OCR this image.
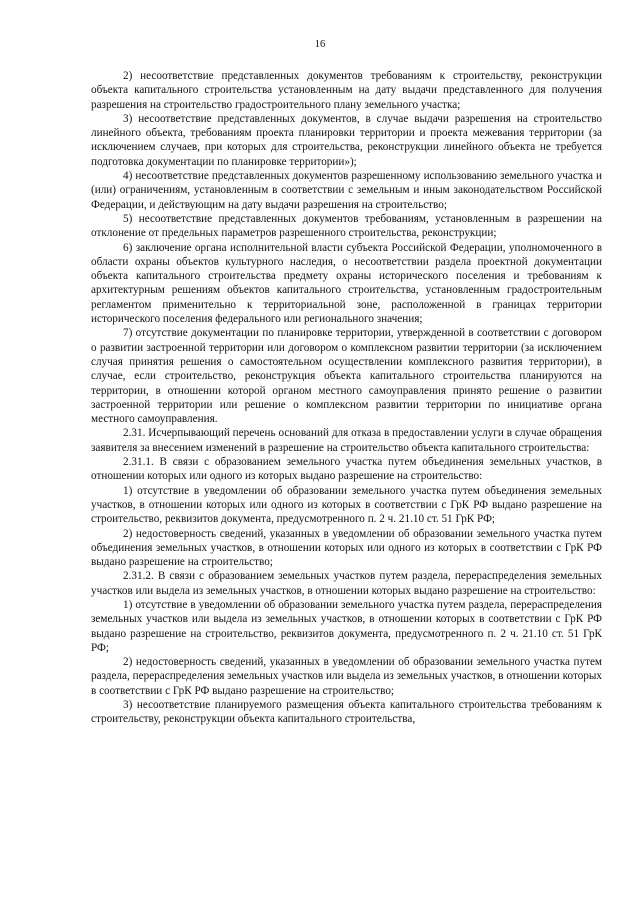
16

2) несоответствие представленных документов требованиям к строительству, реконструкции объекта капитального строительства установленным на дату выдачи представленного для получения разрешения на строительство градостроительного плану земельного участка;

3) несоответствие представленных документов, в случае выдачи разрешения на строительство линейного объекта, требованиям проекта планировки территории и проекта межевания территории (за исключением случаев, при которых для строительства, реконструкции линейного объекта не требуется подготовка документации по планировке территории»);

4) несоответствие представленных документов разрешенному использованию земельного участка и (или) ограничениям, установленным в соответствии с земельным и иным законодательством Российской Федерации, и действующим на дату выдачи разрешения на строительство;

5) несоответствие представленных документов требованиям, установленным в разрешении на отклонение от предельных параметров разрешенного строительства, реконструкции;

6) заключение органа исполнительной власти субъекта Российской Федерации, уполномоченного в области охраны объектов культурного наследия, о несоответствии раздела проектной документации объекта капитального строительства предмету охраны исторического поселения и требованиям к архитектурным решениям объектов капитального строительства, установленным градостроительным регламентом применительно к территориальной зоне, расположенной в границах территории исторического поселения федерального или регионального значения;

7) отсутствие документации по планировке территории, утвержденной в соответствии с договором о развитии застроенной территории или договором о комплексном развитии территории (за исключением случая принятия решения о самостоятельном осуществлении комплексного развития территории), в случае, если строительство, реконструкция объекта капитального строительства планируются на территории, в отношении которой органом местного самоуправления принято решение о развитии застроенной территории или решение о комплексном развитии территории по инициативе органа местного самоуправления.

2.31. Исчерпывающий перечень оснований для отказа в предоставлении услуги в случае обращения заявителя за внесением изменений в разрешение на строительство объекта капитального строительства:

2.31.1. В связи с образованием земельного участка путем объединения земельных участков, в отношении которых или одного из которых выдано разрешение на строительство:

1) отсутствие в уведомлении об образовании земельного участка путем объединения земельных участков, в отношении которых или одного из которых в соответствии с ГрК РФ выдано разрешение на строительство, реквизитов документа, предусмотренного п. 2 ч. 21.10 ст. 51 ГрК РФ;

2) недостоверность сведений, указанных в уведомлении об образовании земельного участка путем объединения земельных участков, в отношении которых или одного из которых в соответствии с ГрК РФ выдано разрешение на строительство;

2.31.2. В связи с образованием земельных участков путем раздела, перераспределения земельных участков или выдела из земельных участков, в отношении которых выдано разрешение на строительство:

1) отсутствие в уведомлении об образовании земельного участка путем раздела, перераспределения земельных участков или выдела из земельных участков, в отношении которых в соответствии с ГрК РФ выдано разрешение на строительство, реквизитов документа, предусмотренного п. 2 ч. 21.10 ст. 51 ГрК РФ;

2) недостоверность сведений, указанных в уведомлении об образовании земельного участка путем раздела, перераспределения земельных участков или выдела из земельных участков, в отношении которых в соответствии с ГрК РФ выдано разрешение на строительство;

3) несоответствие планируемого размещения объекта капитального строительства требованиям к строительству, реконструкции объекта капитального строительства,
